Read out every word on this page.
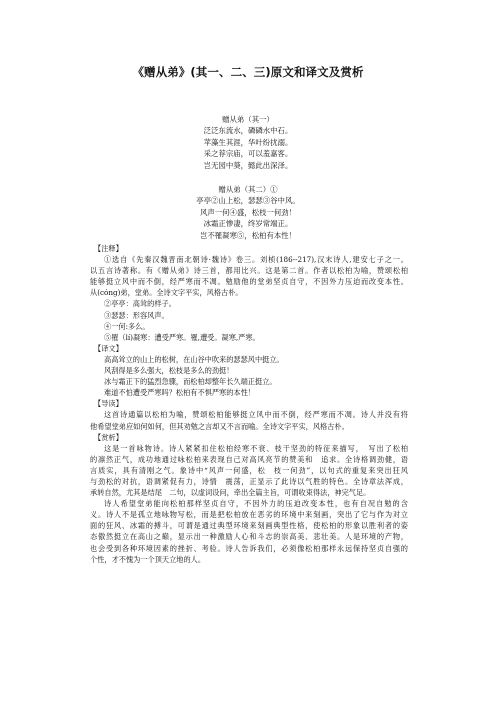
《赠从弟》(其一、二、三)原文和译文及赏析
赠从弟（其一）
泛泛东流水，磷磷水中石。
苹藻生其涯，华叶纷扰溺。
采之荐宗庙，可以羞嘉客。
岂无园中葵，懿此出深泽。
赠从弟（其二）①
亭亭②山上松，瑟瑟③谷中风。
风声一何④盛，松枝一何劲！
冰霜正惨凄，终岁常端正。
岂不罹凝寒⑤，松柏有本性！
【注释】
①选自《先秦汉魏晋南北朝诗·魏诗》卷三。刘桢(186--217),汉末诗人,建安七子之一。
以五言诗著称。有《赠从弟》诗三首，都用比兴。这是第二首。作者以松柏为喻，赞颂松柏
能够挺立风中而不倒，经严寒而不凋。勉励他的堂弟坚贞自守，不因外力压迫而改变本性。
从(cóng)弟，堂弟。全诗文字平实，风格古朴。
②亭亭：高耸的样子。
③瑟瑟：形容风声。
④一何:多么。
⑤罹（lí)凝寒：遭受严寒。罹,遭受。凝寒,严寒。
【译文】
高高耸立的山上的松树，在山谷中吹来的瑟瑟风中挺立。
风刮得是多么强大，松枝是多么的劲挺！
冰与霜正下的猛烈急骤，而松柏却整年长久端正挺立。
难道不怕遭受严寒吗？松柏有不惧严寒的本性！
【导读】
这首诗通篇以松柏为喻，赞颂松柏能够挺立风中而不倒，经严寒而不凋。诗人并没有将
他希望堂弟应如何如何，但其劝勉之言却又不言而喻。全诗文字平实，风格古朴。
【赏析】
这是一首咏物诗。诗人紧紧扣住松柏经寒不衰、枝干坚劲的特征来描写，　写出了松柏
的凛然正气，成功地通过咏松柏来表现自己对高风亮节的赞美和　追求。全诗格调劲健，语
言质实，具有清刚之气。象诗中“风声一何盛，松　枝一何劲”，以句式的重复来突出狂风
与劲松的对抗，语调紧促有力，诗情　震荡，正显示了此诗以气胜的特色。全诗章法浑成，
承转自然，尤其是结尾　二句，以虚词设问，牵出全篇主旨，可谓收束得法，神完气足。
诗人希望堂弟能向松柏那样坚贞自守，不因外力的压迫改变本性，也有自况自勉的含
义。诗人不是孤立地咏物写松，而是把松柏放在恶劣的环境中来刻画，突出了它与作为对立
面的狂风、冰霜的搏斗，可谓是通过典型环境来刻画典型性格，使松柏的形象以胜利者的姿
态傲然挺立在高山之巅，显示出一种激励人心和斗志的崇高美、悲壮美。人是环境的产物，
也会受到各种环境因素的挫折、考验。诗人告诉我们，必须像松柏那样永远保持坚贞自强的
个性，才不愧为一个顶天立地的人。
